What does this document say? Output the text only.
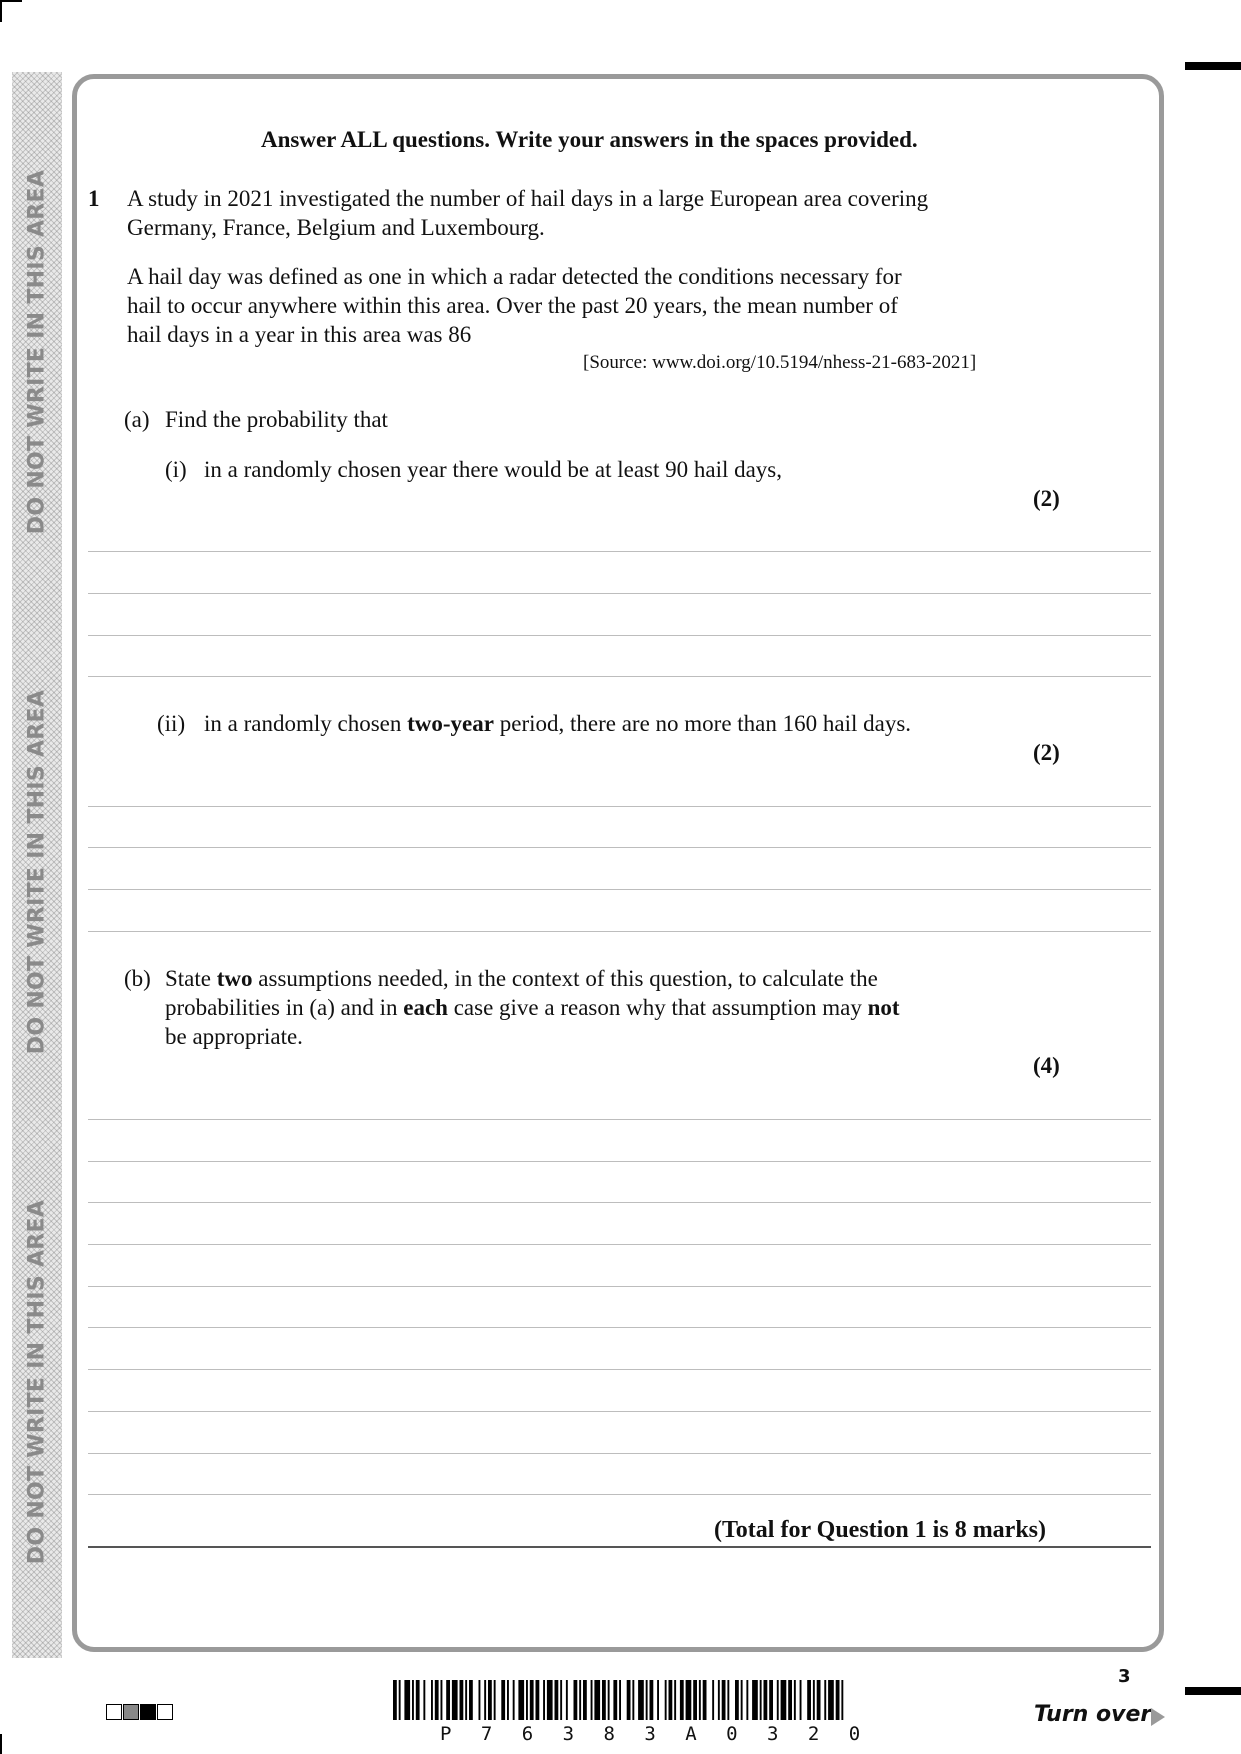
DO NOT WRITE IN THIS AREA
DO NOT WRITE IN THIS AREA
DO NOT WRITE IN THIS AREA
Answer ALL questions. Write your answers in the spaces provided.
1 A study in 2021 investigated the number of hail days in a large European area covering
Germany, France, Belgium and Luxembourg.
A hail day was defined as one in which a radar detected the conditions necessary for
hail to occur anywhere within this area. Over the past 20 years, the mean number of
hail days in a year in this area was 86
[Source: www.doi.org/10.5194/nhess-21-683-2021]
(a) Find the probability that
(i) in a randomly chosen year there would be at least 90 hail days,
(2)
(ii) in a randomly chosen two-year period, there are no more than 160 hail days.
(2)
(b) State two assumptions needed, in the context of this question, to calculate the
probabilities in (a) and in each case give a reason why that assumption may not
be appropriate.
(4)
(Total for Question 1 is 8 marks)
P 7 6 3 8 3 A 0 3 2 0
3
Turn over
